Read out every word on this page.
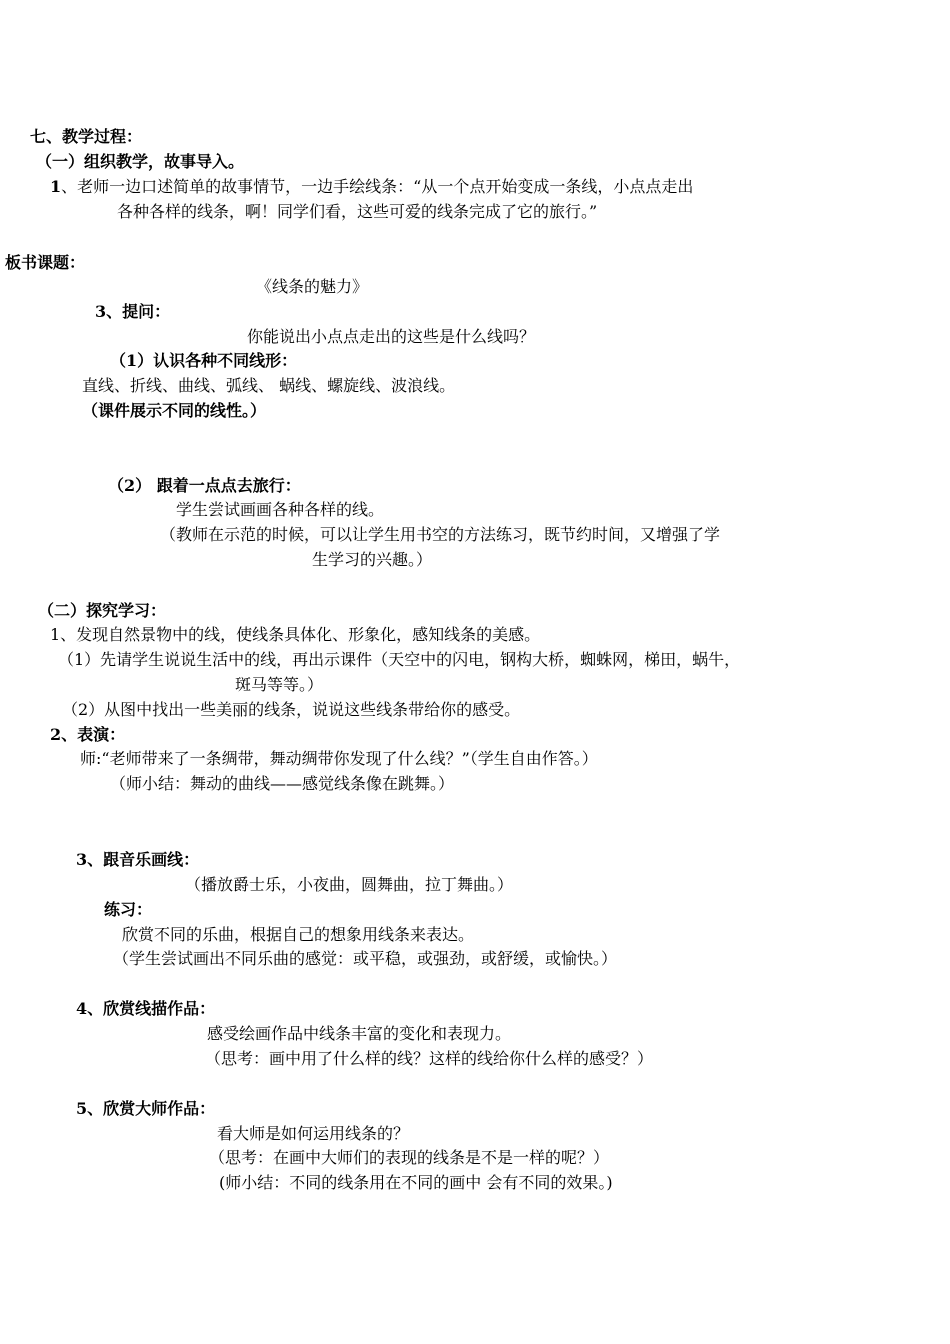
七、教学过程：
（一）组织教学，故事导入。
1、老师一边口述简单的故事情节，一边手绘线条：“从一个点开始变成一条线，小点点走出
各种各样的线条，啊！同学们看，这些可爱的线条完成了它的旅行。”
板书课题：
《线条的魅力》
3、提问：
你能说出小点点走出的这些是什么线吗？
（1）认识各种不同线形：
直线、折线、曲线、弧线、 蜗线、螺旋线、波浪线。
（课件展示不同的线性。）
（2） 跟着一点点去旅行：
学生尝试画画各种各样的线。
（教师在示范的时候，可以让学生用书空的方法练习，既节约时间，又增强了学
生学习的兴趣。）
（二）探究学习：
1、发现自然景物中的线，使线条具体化、形象化，感知线条的美感。
（1）先请学生说说生活中的线，再出示课件（天空中的闪电，钢构大桥，蜘蛛网，梯田，蜗牛，
斑马等等。）
（2）从图中找出一些美丽的线条，说说这些线条带给你的感受。
2、表演：
师:“老师带来了一条绸带，舞动绸带你发现了什么线？”（学生自由作答。）
（师小结：舞动的曲线——感觉线条像在跳舞。）
3、跟音乐画线：
（播放爵士乐，小夜曲，圆舞曲，拉丁舞曲。）
练习：
欣赏不同的乐曲，根据自己的想象用线条来表达。
（学生尝试画出不同乐曲的感觉：或平稳，或强劲，或舒缓，或愉快。）
4、欣赏线描作品：
感受绘画作品中线条丰富的变化和表现力。
（思考：画中用了什么样的线？这样的线给你什么样的感受？）
5、欣赏大师作品：
看大师是如何运用线条的？
（思考：在画中大师们的表现的线条是不是一样的呢？）
(师小结：不同的线条用在不同的画中 会有不同的效果。)
